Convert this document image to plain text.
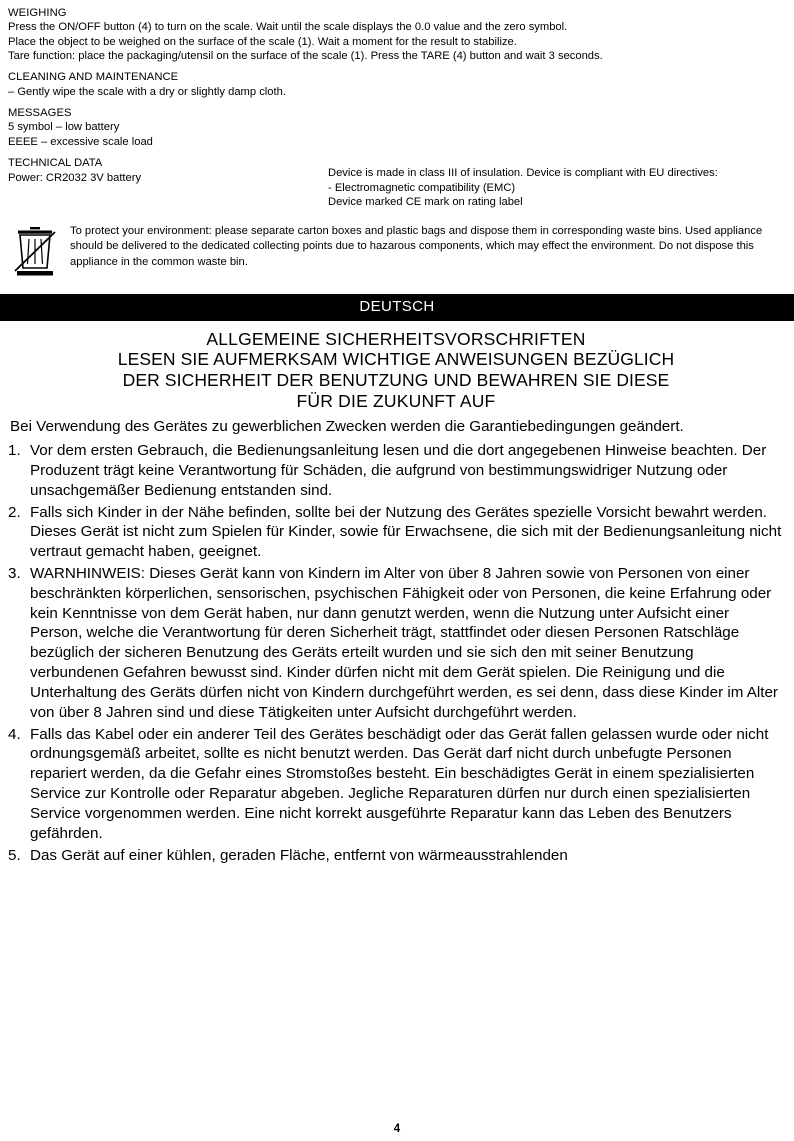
WEIGHING
Press the ON/OFF button (4) to turn on the scale. Wait until the scale displays the 0.0 value and the zero symbol.
Place the object to be weighed on the surface of the scale (1). Wait a moment for the result to stabilize.
Tare function: place the packaging/utensil on the surface of the scale (1). Press the TARE (4) button and wait 3 seconds.
CLEANING AND MAINTENANCE
– Gently wipe the scale with a dry or slightly damp cloth.
MESSAGES
5 symbol – low battery
EEEE – excessive scale load
TECHNICAL DATA
Power: CR2032 3V battery	Device is made in class III of insulation. Device is compliant with EU directives:
- Electromagnetic compatibility (EMC)
Device marked CE mark on rating label
To protect your environment: please separate carton boxes and plastic bags and dispose them in corresponding waste bins. Used appliance should be delivered to the dedicated collecting points due to hazarous components, which may effect the environment. Do not dispose this appliance in the common waste bin.
DEUTSCH
ALLGEMEINE SICHERHEITSVORSCHRIFTEN
LESEN SIE AUFMERKSAM WICHTIGE ANWEISUNGEN BEZÜGLICH
DER SICHERHEIT DER BENUTZUNG UND BEWAHREN SIE DIESE
FÜR DIE ZUKUNFT AUF
Bei Verwendung des Gerätes zu gewerblichen Zwecken werden die Garantiebedingungen geändert.
1. Vor dem ersten Gebrauch, die Bedienungsanleitung lesen und die dort angegebenen Hinweise beachten. Der Produzent trägt keine Verantwortung für Schäden, die aufgrund von bestimmungswidriger Nutzung oder unsachgemäßer Bedienung entstanden sind.
2. Falls sich Kinder in der Nähe befinden, sollte bei der Nutzung des Gerätes spezielle Vorsicht bewahrt werden. Dieses Gerät ist nicht zum Spielen für Kinder, sowie für Erwachsene, die sich mit der Bedienungsanleitung nicht vertraut gemacht haben, geeignet.
3. WARNHINWEIS: Dieses Gerät kann von Kindern im Alter von über 8 Jahren sowie von Personen von einer beschränkten körperlichen, sensorischen, psychischen Fähigkeit oder von Personen, die keine Erfahrung oder kein Kenntnisse von dem Gerät haben, nur dann genutzt werden, wenn die Nutzung unter Aufsicht einer Person, welche die Verantwortung für deren Sicherheit trägt, stattfindet oder diesen Personen Ratschläge bezüglich der sicheren Benutzung des Geräts erteilt wurden und sie sich den mit seiner Benutzung verbundenen Gefahren bewusst sind. Kinder dürfen nicht mit dem Gerät spielen. Die Reinigung und die Unterhaltung des Geräts dürfen nicht von Kindern durchgeführt werden, es sei denn, dass diese Kinder im Alter von über 8 Jahren sind und diese Tätigkeiten unter Aufsicht durchgeführt werden.
4. Falls das Kabel oder ein anderer Teil des Gerätes beschädigt oder das Gerät fallen gelassen wurde oder nicht ordnungsgemäß arbeitet, sollte es nicht benutzt werden. Das Gerät darf nicht durch unbefugte Personen repariert werden, da die Gefahr eines Stromstoßes besteht. Ein beschädigtes Gerät in einem spezialisierten Service zur Kontrolle oder Reparatur abgeben. Jegliche Reparaturen dürfen nur durch einen spezialisierten Service vorgenommen werden. Eine nicht korrekt ausgeführte Reparatur kann das Leben des Benutzers gefährden.
5. Das Gerät auf einer kühlen, geraden Fläche, entfernt von wärmeausstrahlenden
4
